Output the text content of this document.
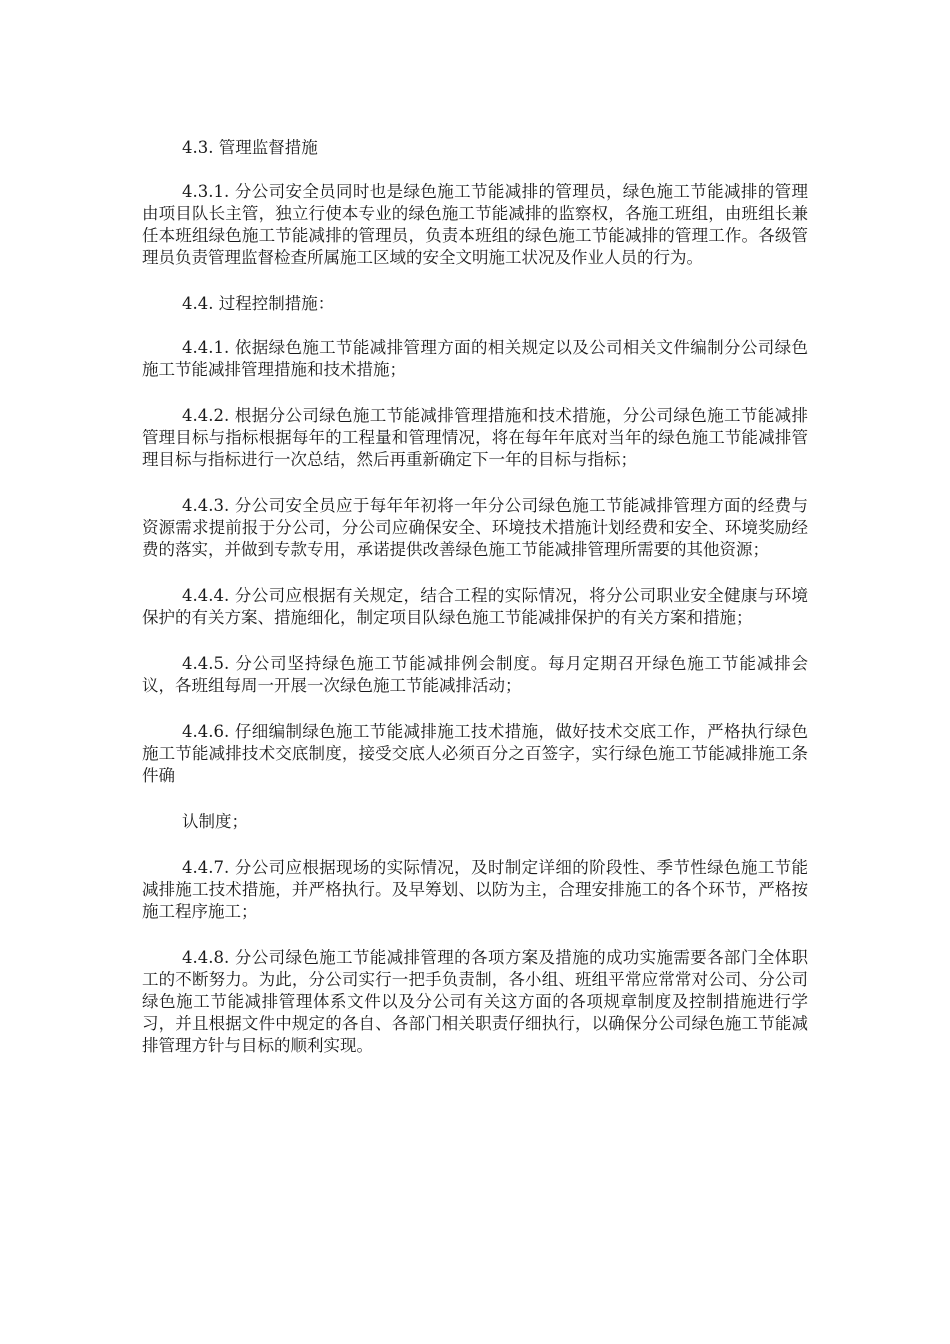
4.3. 管理监督措施

4.3.1. 分公司安全员同时也是绿色施工节能减排的管理员，绿色施工节能减排的管理由项目队长主管，独立行使本专业的绿色施工节能减排的监察权，各施工班组，由班组长兼任本班组绿色施工节能减排的管理员，负责本班组的绿色施工节能减排的管理工作。各级管理员负责管理监督检查所属施工区域的安全文明施工状况及作业人员的行为。

4.4. 过程控制措施：

4.4.1. 依据绿色施工节能减排管理方面的相关规定以及公司相关文件编制分公司绿色施工节能减排管理措施和技术措施；

4.4.2. 根据分公司绿色施工节能减排管理措施和技术措施，分公司绿色施工节能减排管理目标与指标根据每年的工程量和管理情况，将在每年年底对当年的绿色施工节能减排管理目标与指标进行一次总结，然后再重新确定下一年的目标与指标；

4.4.3. 分公司安全员应于每年年初将一年分公司绿色施工节能减排管理方面的经费与资源需求提前报于分公司，分公司应确保安全、环境技术措施计划经费和安全、环境奖励经费的落实，并做到专款专用，承诺提供改善绿色施工节能减排管理所需要的其他资源；

4.4.4. 分公司应根据有关规定，结合工程的实际情况，将分公司职业安全健康与环境保护的有关方案、措施细化，制定项目队绿色施工节能减排保护的有关方案和措施；

4.4.5. 分公司坚持绿色施工节能减排例会制度。每月定期召开绿色施工节能减排会议，各班组每周一开展一次绿色施工节能减排活动；

4.4.6. 仔细编制绿色施工节能减排施工技术措施，做好技术交底工作，严格执行绿色施工节能减排技术交底制度，接受交底人必须百分之百签字，实行绿色施工节能减排施工条件确

认制度；

4.4.7. 分公司应根据现场的实际情况，及时制定详细的阶段性、季节性绿色施工节能减排施工技术措施，并严格执行。及早筹划、以防为主，合理安排施工的各个环节，严格按施工程序施工；

4.4.8. 分公司绿色施工节能减排管理的各项方案及措施的成功实施需要各部门全体职工的不断努力。为此，分公司实行一把手负责制，各小组、班组平常应常常对公司、分公司绿色施工节能减排管理体系文件以及分公司有关这方面的各项规章制度及控制措施进行学习，并且根据文件中规定的各自、各部门相关职责仔细执行，以确保分公司绿色施工节能减排管理方针与目标的顺利实现。
